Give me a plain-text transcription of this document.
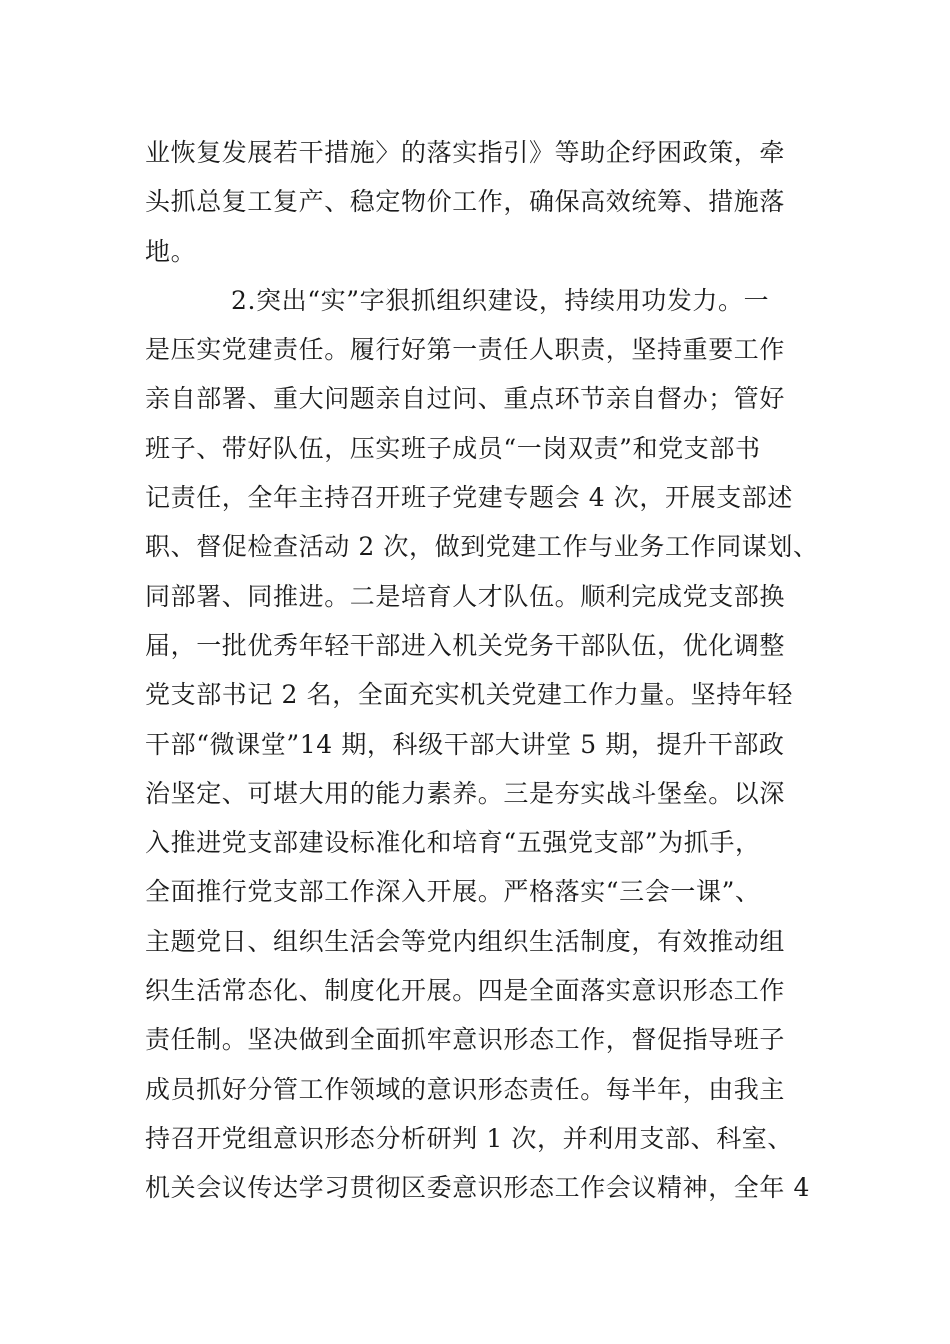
业恢复发展若干措施〉的落实指引》等助企纾困政策，牵
头抓总复工复产、稳定物价工作，确保高效统筹、措施落
地。
2.突出“实”字狠抓组织建设，持续用功发力。一
是压实党建责任。履行好第一责任人职责，坚持重要工作
亲自部署、重大问题亲自过问、重点环节亲自督办；管好
班子、带好队伍，压实班子成员“一岗双责”和党支部书
记责任，全年主持召开班子党建专题会 4 次，开展支部述
职、督促检查活动 2 次，做到党建工作与业务工作同谋划、
同部署、同推进。二是培育人才队伍。顺利完成党支部换
届，一批优秀年轻干部进入机关党务干部队伍，优化调整
党支部书记 2 名，全面充实机关党建工作力量。坚持年轻
干部“微课堂”14 期，科级干部大讲堂 5 期，提升干部政
治坚定、可堪大用的能力素养。三是夯实战斗堡垒。以深
入推进党支部建设标准化和培育“五强党支部”为抓手，
全面推行党支部工作深入开展。严格落实“三会一课”、
主题党日、组织生活会等党内组织生活制度，有效推动组
织生活常态化、制度化开展。四是全面落实意识形态工作
责任制。坚决做到全面抓牢意识形态工作，督促指导班子
成员抓好分管工作领域的意识形态责任。每半年，由我主
持召开党组意识形态分析研判 1 次，并利用支部、科室、
机关会议传达学习贯彻区委意识形态工作会议精神，全年 4
